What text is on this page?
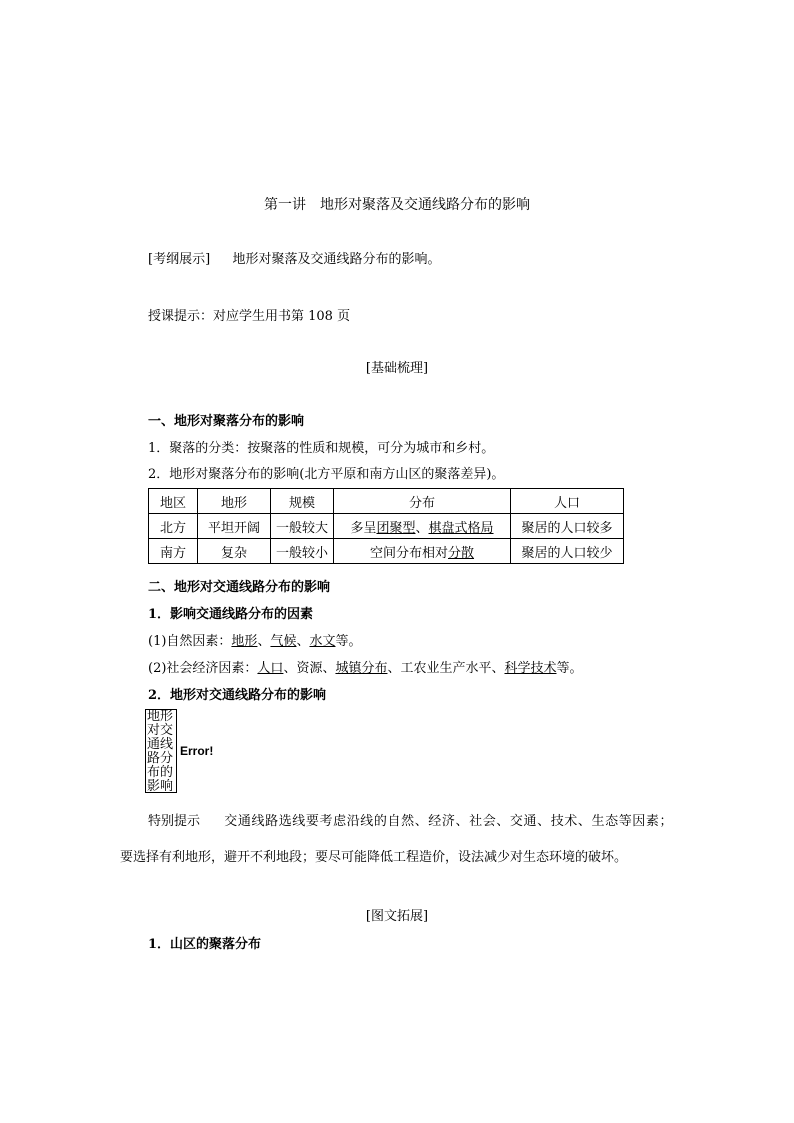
第一讲　地形对聚落及交通线路分布的影响
[考纲展示] 地形对聚落及交通线路分布的影响。
授课提示：对应学生用书第 108 页
[基础梳理]
一、地形对聚落分布的影响
1．聚落的分类：按聚落的性质和规模，可分为城市和乡村。
2．地形对聚落分布的影响(北方平原和南方山区的聚落差异)。
地区	地形	规模	分布	人口
北方	平坦开阔	一般较大	多呈团聚型、棋盘式格局	聚居的人口较多
南方	复杂	一般较小	空间分布相对分散	聚居的人口较少
二、地形对交通线路分布的影响
1．影响交通线路分布的因素
(1)自然因素：地形、气候、水文等。
(2)社会经济因素：人口、资源、城镇分布、工农业生产水平、科学技术等。
2．地形对交通线路分布的影响
地形对交通线路分布的影响
Error!
特别提示 交通线路选线要考虑沿线的自然、经济、社会、交通、技术、生态等因素；
要选择有利地形，避开不利地段；要尽可能降低工程造价，设法减少对生态环境的破坏。
[图文拓展]
1．山区的聚落分布
